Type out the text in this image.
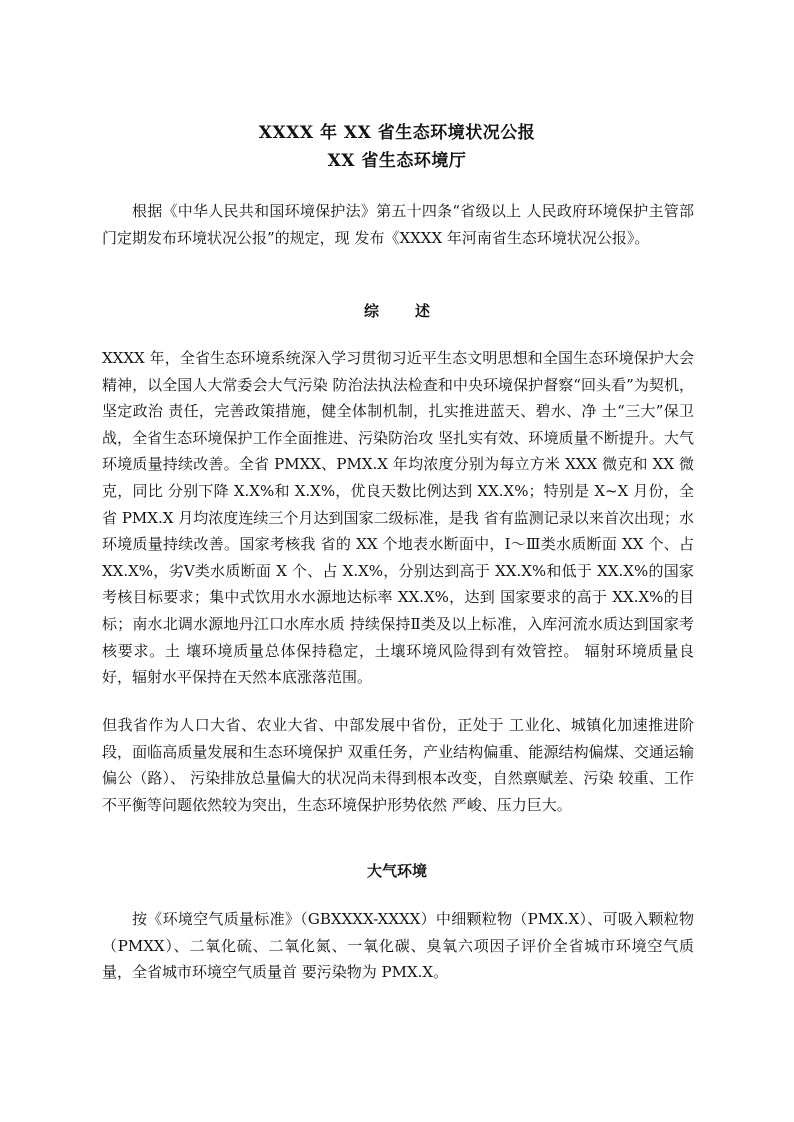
XXXX 年 XX 省生态环境状况公报
XX 省生态环境厅

根据《中华人民共和国环境保护法》第五十四条“省级以上 人民政府环境保护主管部门定期发布环境状况公报”的规定，现 发布《XXXX 年河南省生态环境状况公报》。

综述

XXXX 年，全省生态环境系统深入学习贯彻习近平生态文明思想和全国生态环境保护大会精神，以全国人大常委会大气污染 防治法执法检查和中央环境保护督察“回头看”为契机，坚定政治 责任，完善政策措施，健全体制机制，扎实推进蓝天、碧水、净 土“三大”保卫战，全省生态环境保护工作全面推进、污染防治攻 坚扎实有效、环境质量不断提升。大气环境质量持续改善。全省 PMXX、PMX.X 年均浓度分别为每立方米 XXX 微克和 XX 微克，同比 分别下降 X.X%和 X.X%，优良天数比例达到 XX.X%；特别是 X~X 月份，全省 PMX.X 月均浓度连续三个月达到国家二级标准，是我 省有监测记录以来首次出现；水环境质量持续改善。国家考核我 省的 XX 个地表水断面中，Ⅰ～Ⅲ类水质断面 XX 个、占 XX.X%，劣Ⅴ类水质断面 X 个、占 X.X%，分别达到高于 XX.X%和低于 XX.X%的国家考核目标要求；集中式饮用水水源地达标率 XX.X%，达到 国家要求的高于 XX.X%的目标；南水北调水源地丹江口水库水质 持续保持Ⅱ类及以上标准，入库河流水质达到国家考核要求。土 壤环境质量总体保持稳定，土壤环境风险得到有效管控。 辐射环境质量良好，辐射水平保持在天然本底涨落范围。

但我省作为人口大省、农业大省、中部发展中省份，正处于 工业化、城镇化加速推进阶段，面临高质量发展和生态环境保护 双重任务，产业结构偏重、能源结构偏煤、交通运输偏公（路）、 污染排放总量偏大的状况尚未得到根本改变，自然禀赋差、污染 较重、工作不平衡等问题依然较为突出，生态环境保护形势依然 严峻、压力巨大。

大气环境

按《环境空气质量标准》（GBXXXX-XXXX）中细颗粒物（PMX.X）、可吸入颗粒物（PMXX）、二氧化硫、二氧化氮、一氧化碳、臭氧六项因子评价全省城市环境空气质量，全省城市环境空气质量首 要污染物为 PMX.X。
